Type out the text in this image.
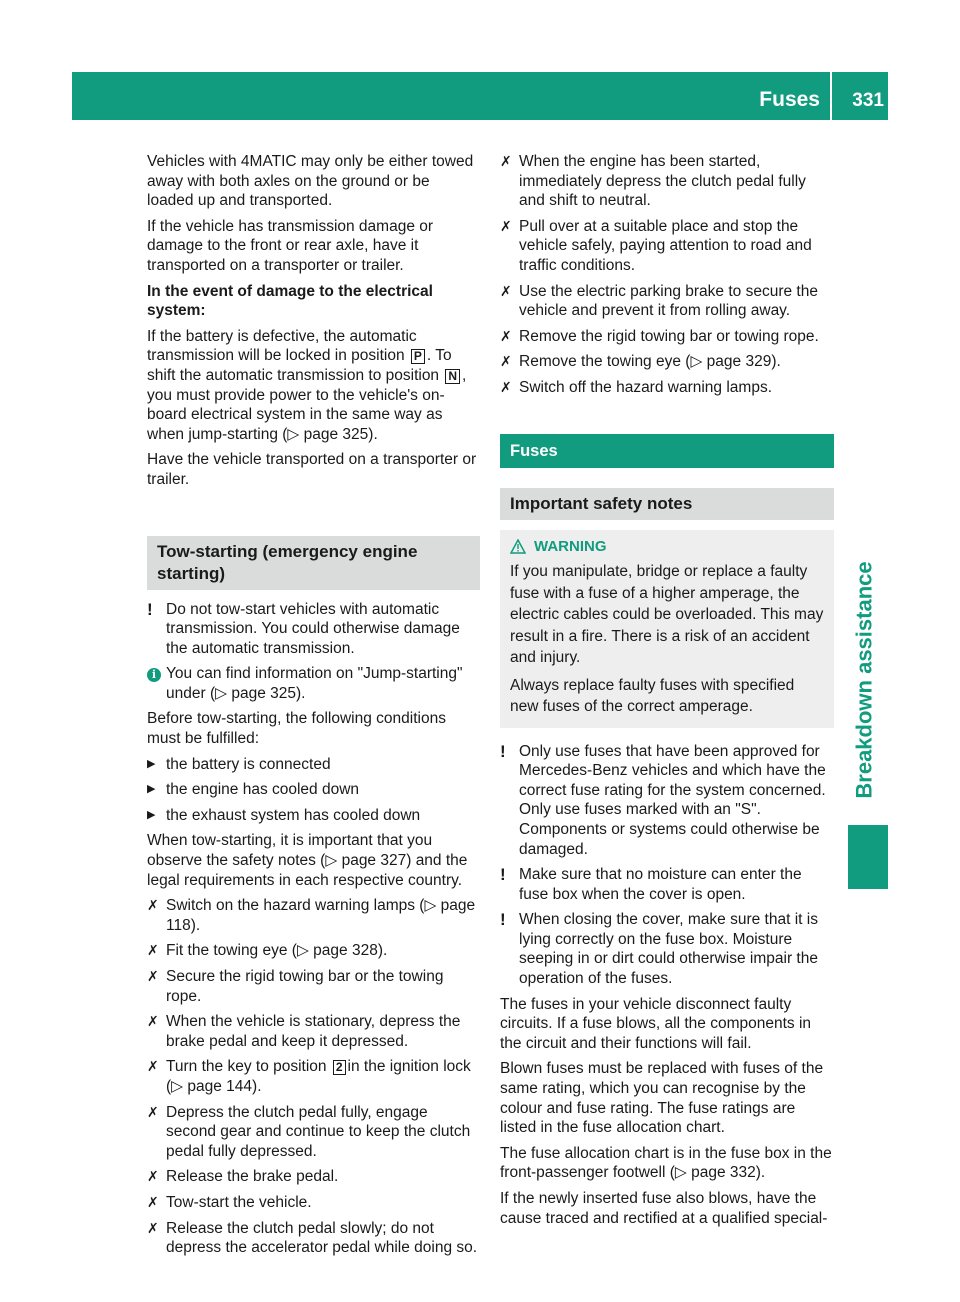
Fuses 331
Breakdown assistance

Vehicles with 4MATIC may only be either towed away with both axles on the ground or be loaded up and transported.

If the vehicle has transmission damage or damage to the front or rear axle, have it transported on a transporter or trailer.

In the event of damage to the electrical system:

If the battery is defective, the automatic transmission will be locked in position P . To shift the automatic transmission to position N , you must provide power to the vehicle's on-board electrical system in the same way as when jump-starting (▷ page 325).

Have the vehicle transported on a transporter or trailer.

Tow-starting (emergency engine starting)
! Do not tow-start vehicles with automatic transmission. You could otherwise damage the automatic transmission.
i You can find information on "Jump-starting" under (▷ page 325).

Before tow-starting, the following conditions must be fulfilled:

▶ the battery is connected
▶ the engine has cooled down
▶ the exhaust system has cooled down

When tow-starting, it is important that you observe the safety notes (▷ page 327) and the legal requirements in each respective country.

✗ Switch on the hazard warning lamps (▷ page 118).
✗ Fit the towing eye (▷ page 328).
✗ Secure the rigid towing bar or the towing rope.
✗ When the vehicle is stationary, depress the brake pedal and keep it depressed.
✗ Turn the key to position 2 in the ignition lock (▷ page 144).
✗ Depress the clutch pedal fully, engage second gear and continue to keep the clutch pedal fully depressed.
✗ Release the brake pedal.
✗ Tow-start the vehicle.
✗ Release the clutch pedal slowly; do not depress the accelerator pedal while doing so.
✗ When the engine has been started, immediately depress the clutch pedal fully and shift to neutral.
✗ Pull over at a suitable place and stop the vehicle safely, paying attention to road and traffic conditions.
✗ Use the electric parking brake to secure the vehicle and prevent it from rolling away.
✗ Remove the rigid towing bar or towing rope.
✗ Remove the towing eye (▷ page 329).
✗ Switch off the hazard warning lamps.
Fuses
Important safety notes
WARNING

If you manipulate, bridge or replace a faulty fuse with a fuse of a higher amperage, the electric cables could be overloaded. This may result in a fire. There is a risk of an accident and injury.

Always replace faulty fuses with specified new fuses of the correct amperage.

! Only use fuses that have been approved for Mercedes-Benz vehicles and which have the correct fuse rating for the system concerned. Only use fuses marked with an "S". Components or systems could otherwise be damaged.
! Make sure that no moisture can enter the fuse box when the cover is open.
! When closing the cover, make sure that it is lying correctly on the fuse box. Moisture seeping in or dirt could otherwise impair the operation of the fuses.

The fuses in your vehicle disconnect faulty circuits. If a fuse blows, all the components in the circuit and their functions will fail.

Blown fuses must be replaced with fuses of the same rating, which you can recognise by the colour and fuse rating. The fuse ratings are listed in the fuse allocation chart.

The fuse allocation chart is in the fuse box in the front-passenger footwell (▷ page 332).

If the newly inserted fuse also blows, have the cause traced and rectified at a qualified special-
